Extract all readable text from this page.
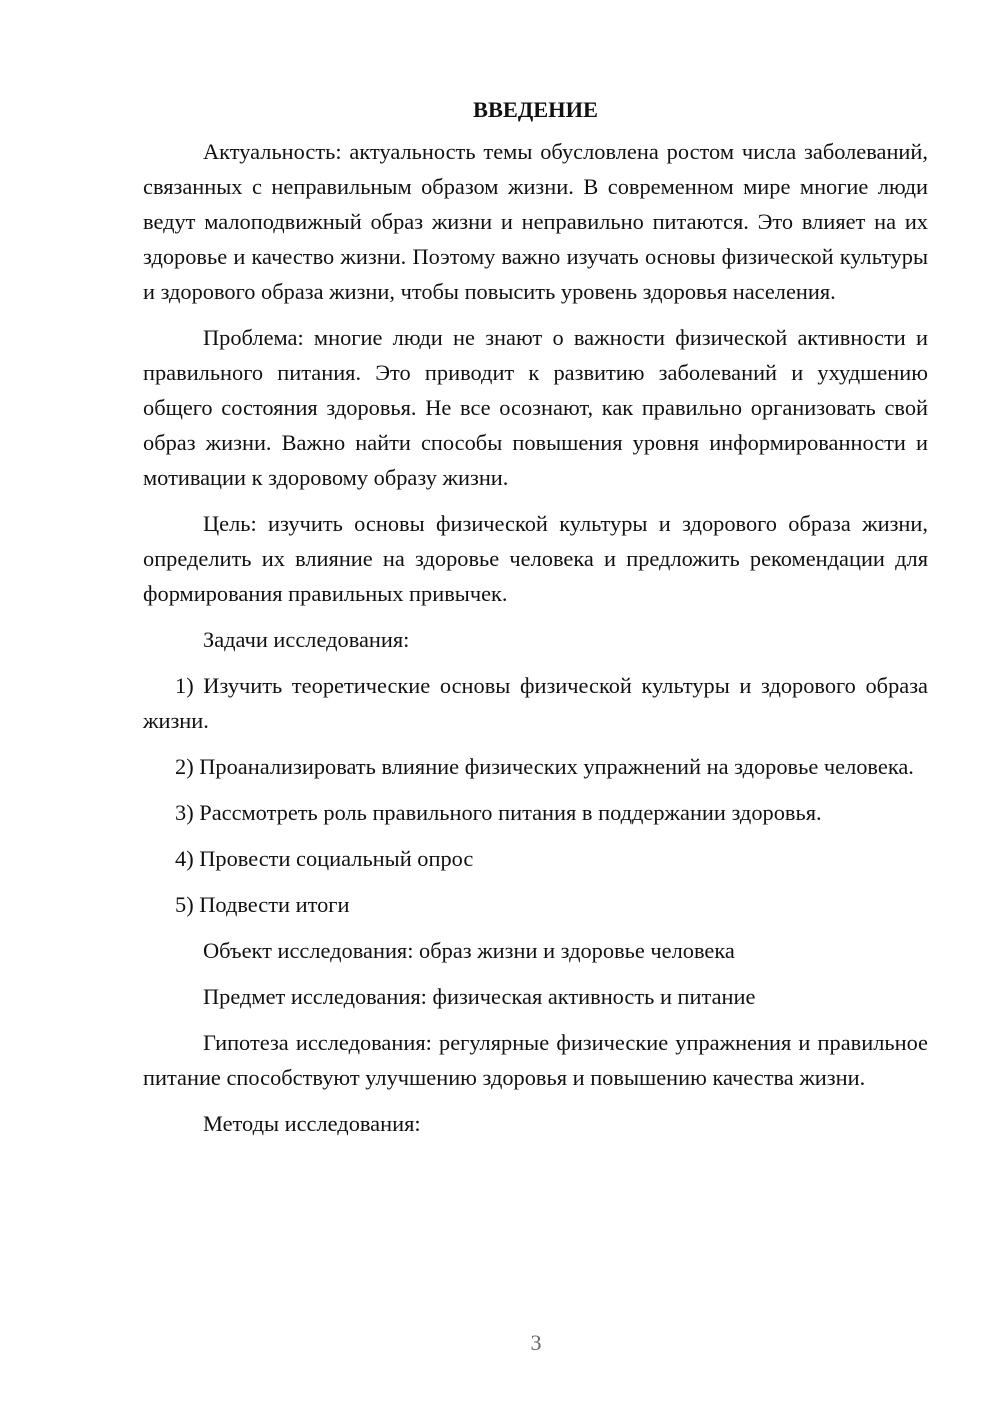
ВВЕДЕНИЕ

Актуальность: актуальность темы обусловлена ростом числа заболеваний, связанных с неправильным образом жизни. В современном мире многие люди ведут малоподвижный образ жизни и неправильно питаются. Это влияет на их здоровье и качество жизни. Поэтому важно изучать основы физической культуры и здорового образа жизни, чтобы повысить уровень здоровья населения.

Проблема: многие люди не знают о важности физической активности и правильного питания. Это приводит к развитию заболеваний и ухудшению общего состояния здоровья. Не все осознают, как правильно организовать свой образ жизни. Важно найти способы повышения уровня информированности и мотивации к здоровому образу жизни.

Цель: изучить основы физической культуры и здорового образа жизни, определить их влияние на здоровье человека и предложить рекомендации для формирования правильных привычек.

Задачи исследования:

1) Изучить теоретические основы физической культуры и здорового образа жизни.

2) Проанализировать влияние физических упражнений на здоровье человека.

3) Рассмотреть роль правильного питания в поддержании здоровья.

4) Провести социальный опрос

5) Подвести итоги

Объект исследования: образ жизни и здоровье человека

Предмет исследования: физическая активность и питание

Гипотеза исследования: регулярные физические упражнения и правильное питание способствуют улучшению здоровья и повышению качества жизни.

Методы исследования:

3
